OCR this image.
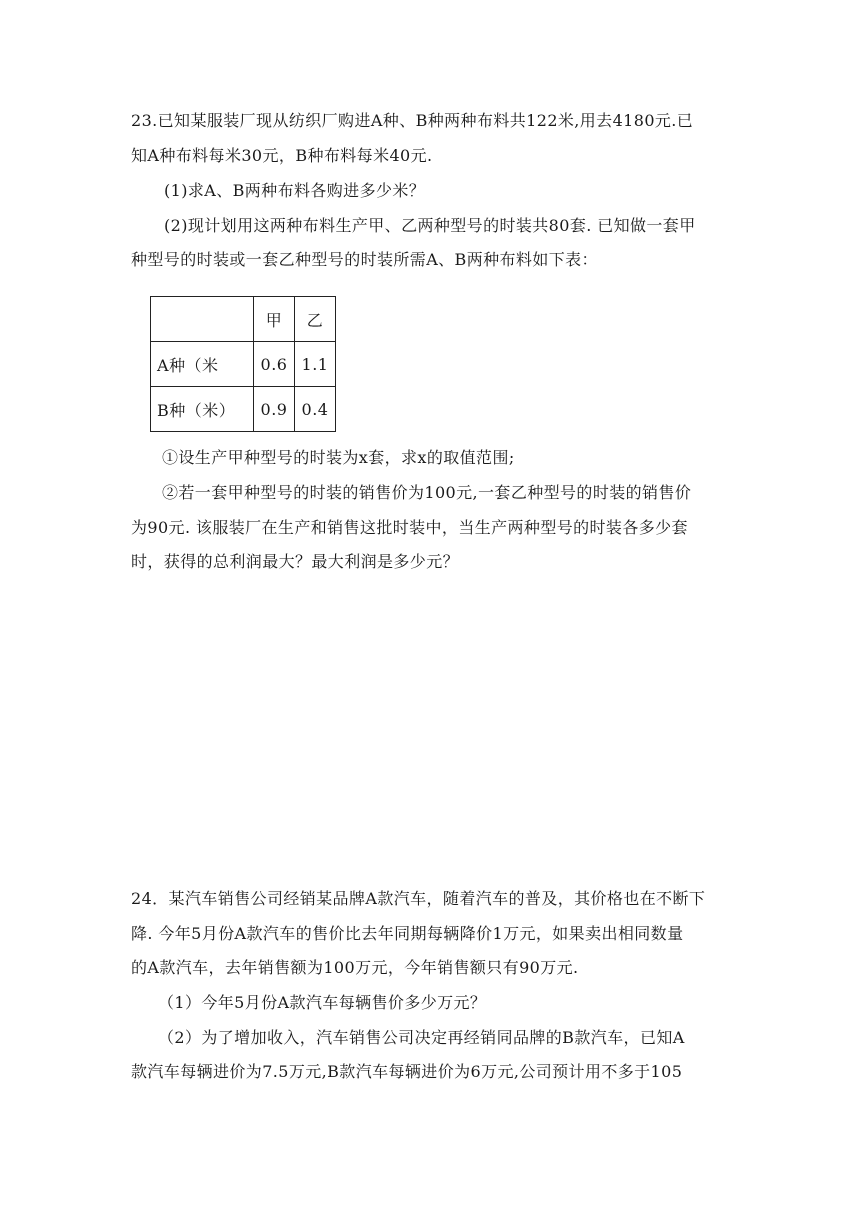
23.已知某服装厂现从纺织厂购进A种、B种两种布料共122米,用去4180元.已
知A种布料每米30元，B种布料每米40元.
(1)求A、B两种布料各购进多少米？
(2)现计划用这两种布料生产甲、乙两种型号的时装共80套. 已知做一套甲
种型号的时装或一套乙种型号的时装所需A、B两种布料如下表：
	甲	乙
A种（米	0.6	1.1
B种（米）	0.9	0.4
①设生产甲种型号的时装为x套，求x的取值范围;
②若一套甲种型号的时装的销售价为100元,一套乙种型号的时装的销售价
为90元. 该服装厂在生产和销售这批时装中，当生产两种型号的时装各多少套
时，获得的总利润最大？最大利润是多少元？
24．某汽车销售公司经销某品牌A款汽车，随着汽车的普及，其价格也在不断下
降. 今年5月份A款汽车的售价比去年同期每辆降价1万元，如果卖出相同数量
的A款汽车，去年销售额为100万元，今年销售额只有90万元.
（1）今年5月份A款汽车每辆售价多少万元？
（2）为了增加收入，汽车销售公司决定再经销同品牌的B款汽车，已知A
款汽车每辆进价为7.5万元,B款汽车每辆进价为6万元,公司预计用不多于105
